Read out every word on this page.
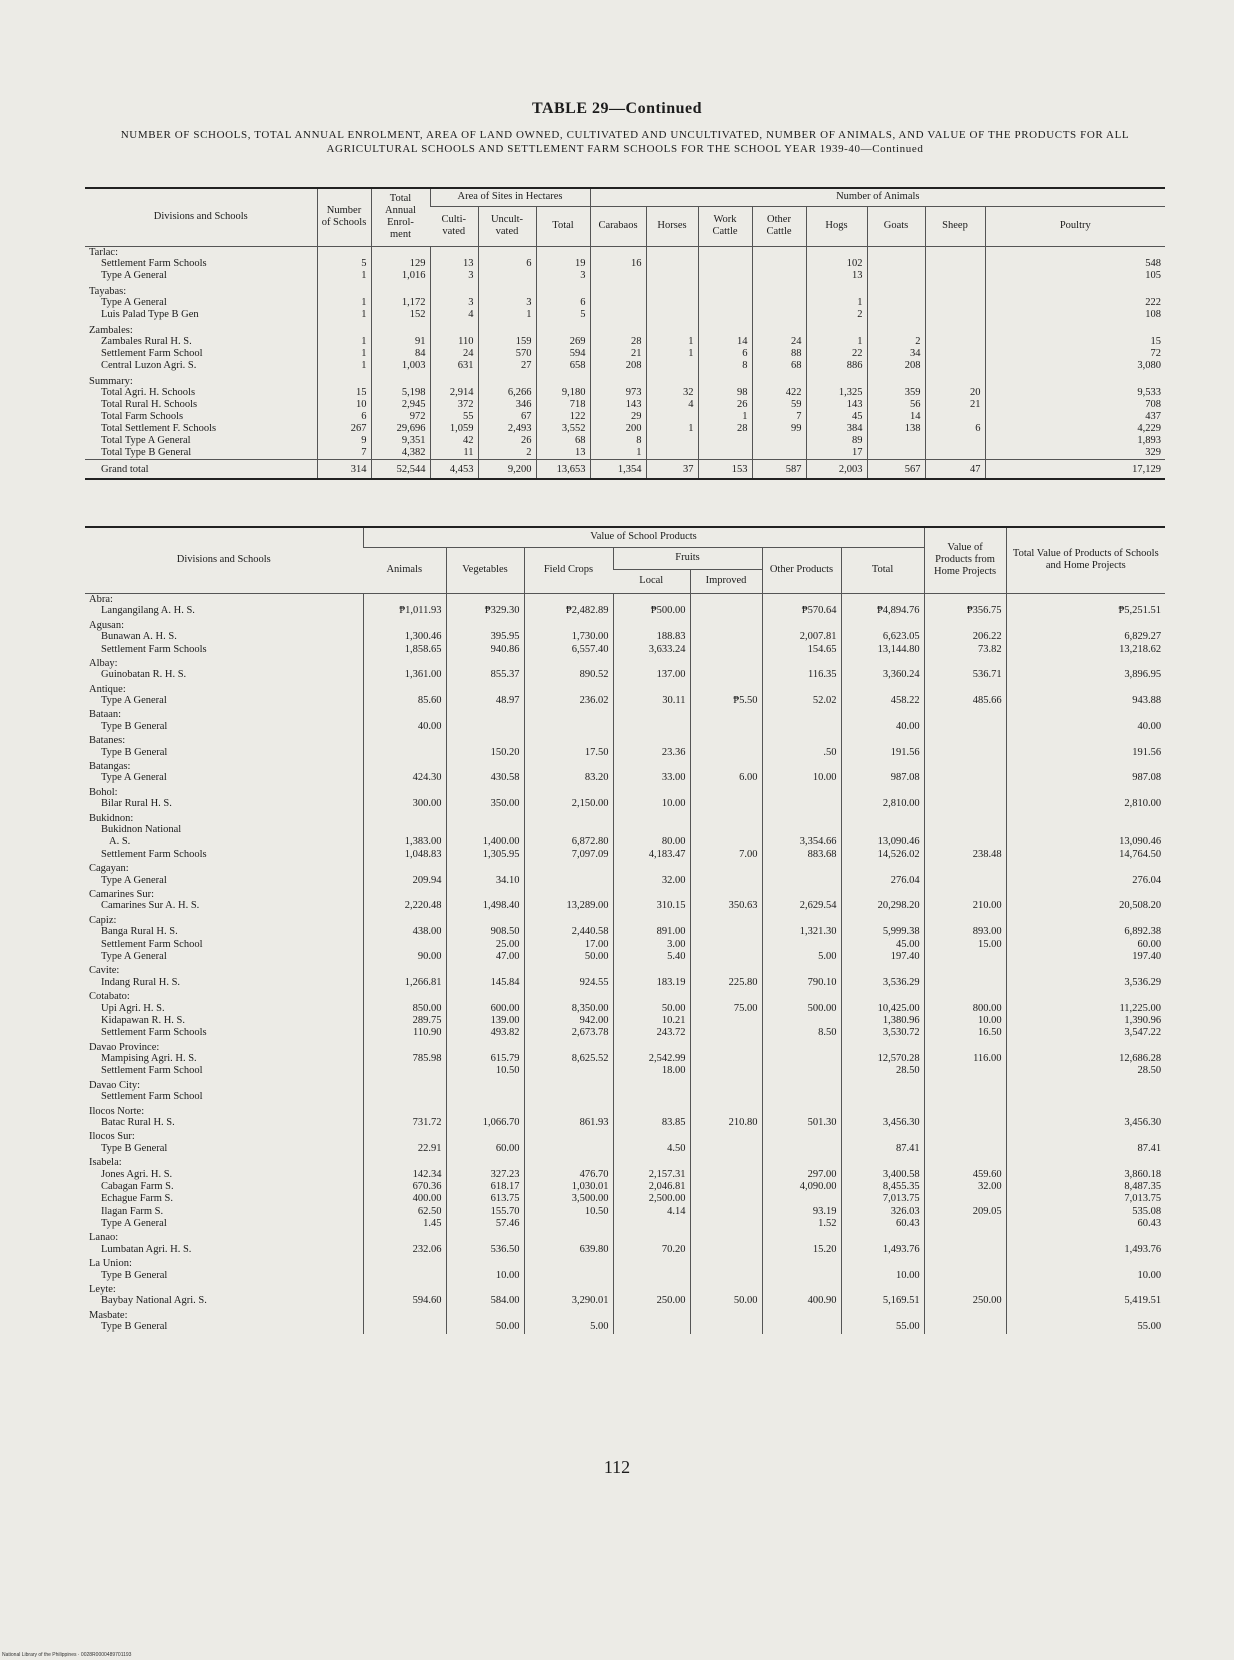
TABLE 29—Continued
NUMBER OF SCHOOLS, TOTAL ANNUAL ENROLMENT, AREA OF LAND OWNED, CULTIVATED AND UNCULTIVATED, NUMBER OF ANIMALS, AND VALUE OF THE PRODUCTS FOR ALL AGRICULTURAL SCHOOLS AND SETTLEMENT FARM SCHOOLS FOR THE SCHOOL YEAR 1939-40—Continued
Divisions and Schools	Number of Schools	Total Annual Enrol- ment	Area of Sites in Hectares			Number of Animals							
			Culti- vated	Uncult- vated	Total	Carabaos	Horses	Work Cattle	Other Cattle	Hogs	Goats	Sheep	Poultry
Tarlac:													
Settlement Farm Schools	5	129	13	6	19	16				102			548
Type A General	1	1,016	3		3					13			105
Tayabas:													
Type A General	1	1,172	3	3	6					1			222
Luis Palad Type B Gen	1	152	4	1	5					2			108
Zambales:													
Zambales Rural H. S.	1	91	110	159	269	28	1	14	24	1	2		15
Settlement Farm School	1	84	24	570	594	21	1	6	88	22	34		72
Central Luzon Agri. S.	1	1,003	631	27	658	208		8	68	886	208		3,080
Summary:													
Total Agri. H. Schools	15	5,198	2,914	6,266	9,180	973	32	98	422	1,325	359	20	9,533
Total Rural H. Schools	10	2,945	372	346	718	143	4	26	59	143	56	21	708
Total Farm Schools	6	972	55	67	122	29		1	7	45	14		437
Total Settlement F. Schools	267	29,696	1,059	2,493	3,552	200	1	28	99	384	138	6	4,229
Total Type A General	9	9,351	42	26	68	8				89			1,893
Total Type B General	7	4,382	11	2	13	1				17			329
Grand total	314	52,544	4,453	9,200	13,653	1,354	37	153	587	2,003	567	47	17,129

Divisions and Schools	Value of School Products							Value of Products from Home Projects	Total Value of Products of Schools and Home Projects
	Animals	Vegetables	Field Crops	Fruits		Other Products	Total		
				Local	Improved				
Abra:									
Langangilang A. H. S.	₱1,011.93	₱329.30	₱2,482.89	₱500.00		₱570.64	₱4,894.76	₱356.75	₱5,251.51
Agusan:									
Bunawan A. H. S.	1,300.46	395.95	1,730.00	188.83		2,007.81	6,623.05	206.22	6,829.27
Settlement Farm Schools	1,858.65	940.86	6,557.40	3,633.24		154.65	13,144.80	73.82	13,218.62
Albay:									
Guinobatan R. H. S.	1,361.00	855.37	890.52	137.00		116.35	3,360.24	536.71	3,896.95
Antique:									
Type A General	85.60	48.97	236.02	30.11	₱5.50	52.02	458.22	485.66	943.88
Bataan:									
Type B General	40.00						40.00		40.00
Batanes:									
Type B General		150.20	17.50	23.36		.50	191.56		191.56
Batangas:									
Type A General	424.30	430.58	83.20	33.00	6.00	10.00	987.08		987.08
Bohol:									
Bilar Rural H. S.	300.00	350.00	2,150.00	10.00			2,810.00		2,810.00
Bukidnon:									
Bukidnon National									
A. S.	1,383.00	1,400.00	6,872.80	80.00		3,354.66	13,090.46		13,090.46
Settlement Farm Schools	1,048.83	1,305.95	7,097.09	4,183.47	7.00	883.68	14,526.02	238.48	14,764.50
Cagayan:									
Type A General	209.94	34.10		32.00			276.04		276.04
Camarines Sur:									
Camarines Sur A. H. S.	2,220.48	1,498.40	13,289.00	310.15	350.63	2,629.54	20,298.20	210.00	20,508.20
Capiz:									
Banga Rural H. S.	438.00	908.50	2,440.58	891.00		1,321.30	5,999.38	893.00	6,892.38
Settlement Farm School		25.00	17.00	3.00			45.00	15.00	60.00
Type A General	90.00	47.00	50.00	5.40		5.00	197.40		197.40
Cavite:									
Indang Rural H. S.	1,266.81	145.84	924.55	183.19	225.80	790.10	3,536.29		3,536.29
Cotabato:									
Upi Agri. H. S.	850.00	600.00	8,350.00	50.00	75.00	500.00	10,425.00	800.00	11,225.00
Kidapawan R. H. S.	289.75	139.00	942.00	10.21			1,380.96	10.00	1,390.96
Settlement Farm Schools	110.90	493.82	2,673.78	243.72		8.50	3,530.72	16.50	3,547.22
Davao Province:									
Mampising Agri. H. S.	785.98	615.79	8,625.52	2,542.99			12,570.28	116.00	12,686.28
Settlement Farm School		10.50		18.00			28.50		28.50
Davao City:									
Settlement Farm School									
Ilocos Norte:									
Batac Rural H. S.	731.72	1,066.70	861.93	83.85	210.80	501.30	3,456.30		3,456.30
Ilocos Sur:									
Type B General	22.91	60.00		4.50			87.41		87.41
Isabela:									
Jones Agri. H. S.	142.34	327.23	476.70	2,157.31		297.00	3,400.58	459.60	3,860.18
Cabagan Farm S.	670.36	618.17	1,030.01	2,046.81		4,090.00	8,455.35	32.00	8,487.35
Echague Farm S.	400.00	613.75	3,500.00	2,500.00			7,013.75		7,013.75
Ilagan Farm S.	62.50	155.70	10.50	4.14		93.19	326.03	209.05	535.08
Type A General	1.45	57.46				1.52	60.43		60.43
Lanao:									
Lumbatan Agri. H. S.	232.06	536.50	639.80	70.20		15.20	1,493.76		1,493.76
La Union:									
Type B General		10.00					10.00		10.00
Leyte:									
Baybay National Agri. S.	594.60	584.00	3,290.01	250.00	50.00	400.90	5,169.51	250.00	5,419.51
Masbate:									
Type B General		50.00	5.00				55.00		55.00
112
National Library of the Philippines · 0028R0000489701193
